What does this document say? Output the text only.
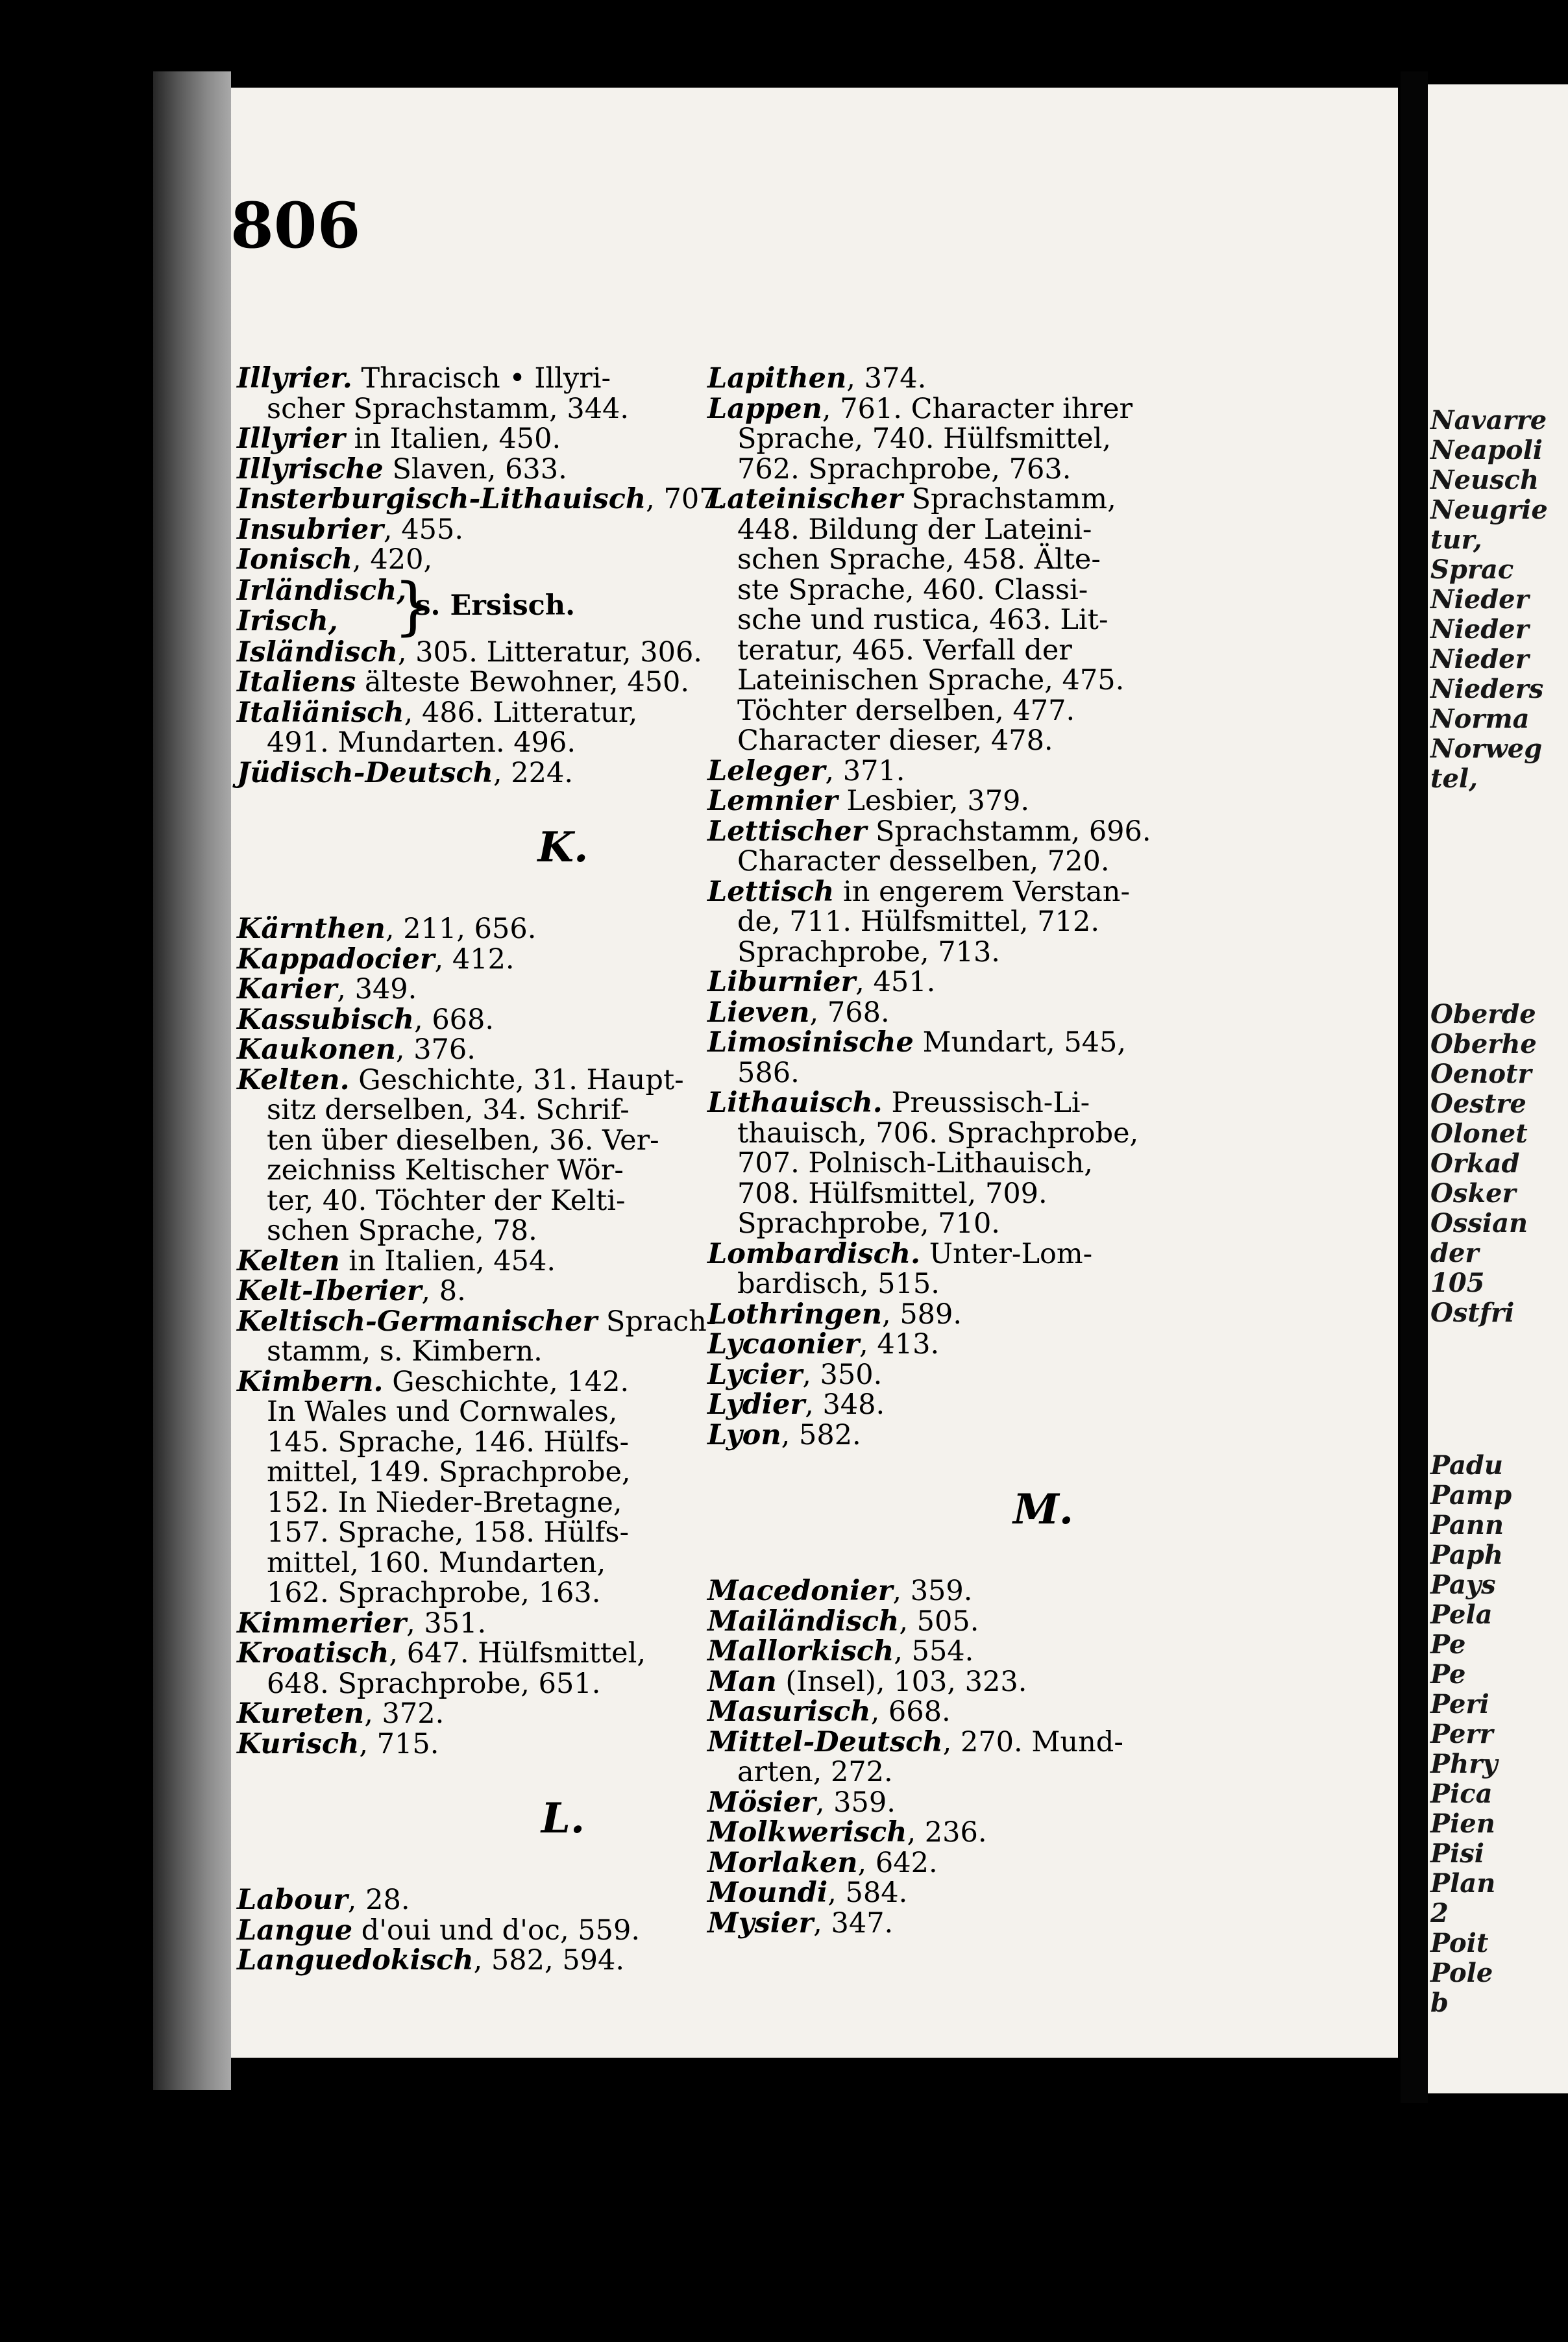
Navarre
Neapoli
Neusch
Neugrie
tur,
Sprac
Nieder
Nieder
Nieder
Nieders
Norma
Norweg
tel,
Oberde
Oberhe
Oenotr
Oestre
Olonet
Orkad
Osker
Ossian
der
105
Ostfri
Padu
Pamp
Pann
Paph
Pays
Pela
Pe
Pe
Peri
Perr
Phry
Pica
Pien
Pisi
Plan
2
Poit
Pole
b
806
Illyrier. Thracisch • Illyri-
scher Sprachstamm, 344.
Illyrier in Italien, 450.
Illyrische Slaven, 633.
Insterburgisch-Lithauisch, 707.
Insubrier, 455.
Ionisch, 420,
Irländisch,
Irisch, }
s. Ersisch.
Isländisch, 305. Litteratur, 306.
Italiens älteste Bewohner, 450.
Italiänisch, 486. Litteratur,
491. Mundarten. 496.
Jüdisch-Deutsch, 224.
K.
Kärnthen, 211, 656.
Kappadocier, 412.
Karier, 349.
Kassubisch, 668.
Kaukonen, 376.
Kelten. Geschichte, 31. Haupt-
sitz derselben, 34. Schrif-
ten über dieselben, 36. Ver-
zeichniss Keltischer Wör-
ter, 40. Töchter der Kelti-
schen Sprache, 78.
Kelten in Italien, 454.
Kelt-Iberier, 8.
Keltisch-Germanischer Sprach-
stamm, s. Kimbern.
Kimbern. Geschichte, 142.
In Wales und Cornwales,
145. Sprache, 146. Hülfs-
mittel, 149. Sprachprobe,
152. In Nieder-Bretagne,
157. Sprache, 158. Hülfs-
mittel, 160. Mundarten,
162. Sprachprobe, 163.
Kimmerier, 351.
Kroatisch, 647. Hülfsmittel,
648. Sprachprobe, 651.
Kureten, 372.
Kurisch, 715.
L.
Labour, 28.
Langue d'oui und d'oc, 559.
Languedokisch, 582, 594.
Lapithen, 374.
Lappen, 761. Character ihrer
Sprache, 740. Hülfsmittel,
762. Sprachprobe, 763.
Lateinischer Sprachstamm,
448. Bildung der Lateini-
schen Sprache, 458. Älte-
ste Sprache, 460. Classi-
sche und rustica, 463. Lit-
teratur, 465. Verfall der
Lateinischen Sprache, 475.
Töchter derselben, 477.
Character dieser, 478.
Leleger, 371.
Lemnier Lesbier, 379.
Lettischer Sprachstamm, 696.
Character desselben, 720.
Lettisch in engerem Verstan-
de, 711. Hülfsmittel, 712.
Sprachprobe, 713.
Liburnier, 451.
Lieven, 768.
Limosinische Mundart, 545,
586.
Lithauisch. Preussisch-Li-
thauisch, 706. Sprachprobe,
707. Polnisch-Lithauisch,
708. Hülfsmittel, 709.
Sprachprobe, 710.
Lombardisch. Unter-Lom-
bardisch, 515.
Lothringen, 589.
Lycaonier, 413.
Lycier, 350.
Lydier, 348.
Lyon, 582.
M.
Macedonier, 359.
Mailändisch, 505.
Mallorkisch, 554.
Man (Insel), 103, 323.
Masurisch, 668.
Mittel-Deutsch, 270. Mund-
arten, 272.
Mösier, 359.
Molkwerisch, 236.
Morlaken, 642.
Moundi, 584.
Mysier, 347.
